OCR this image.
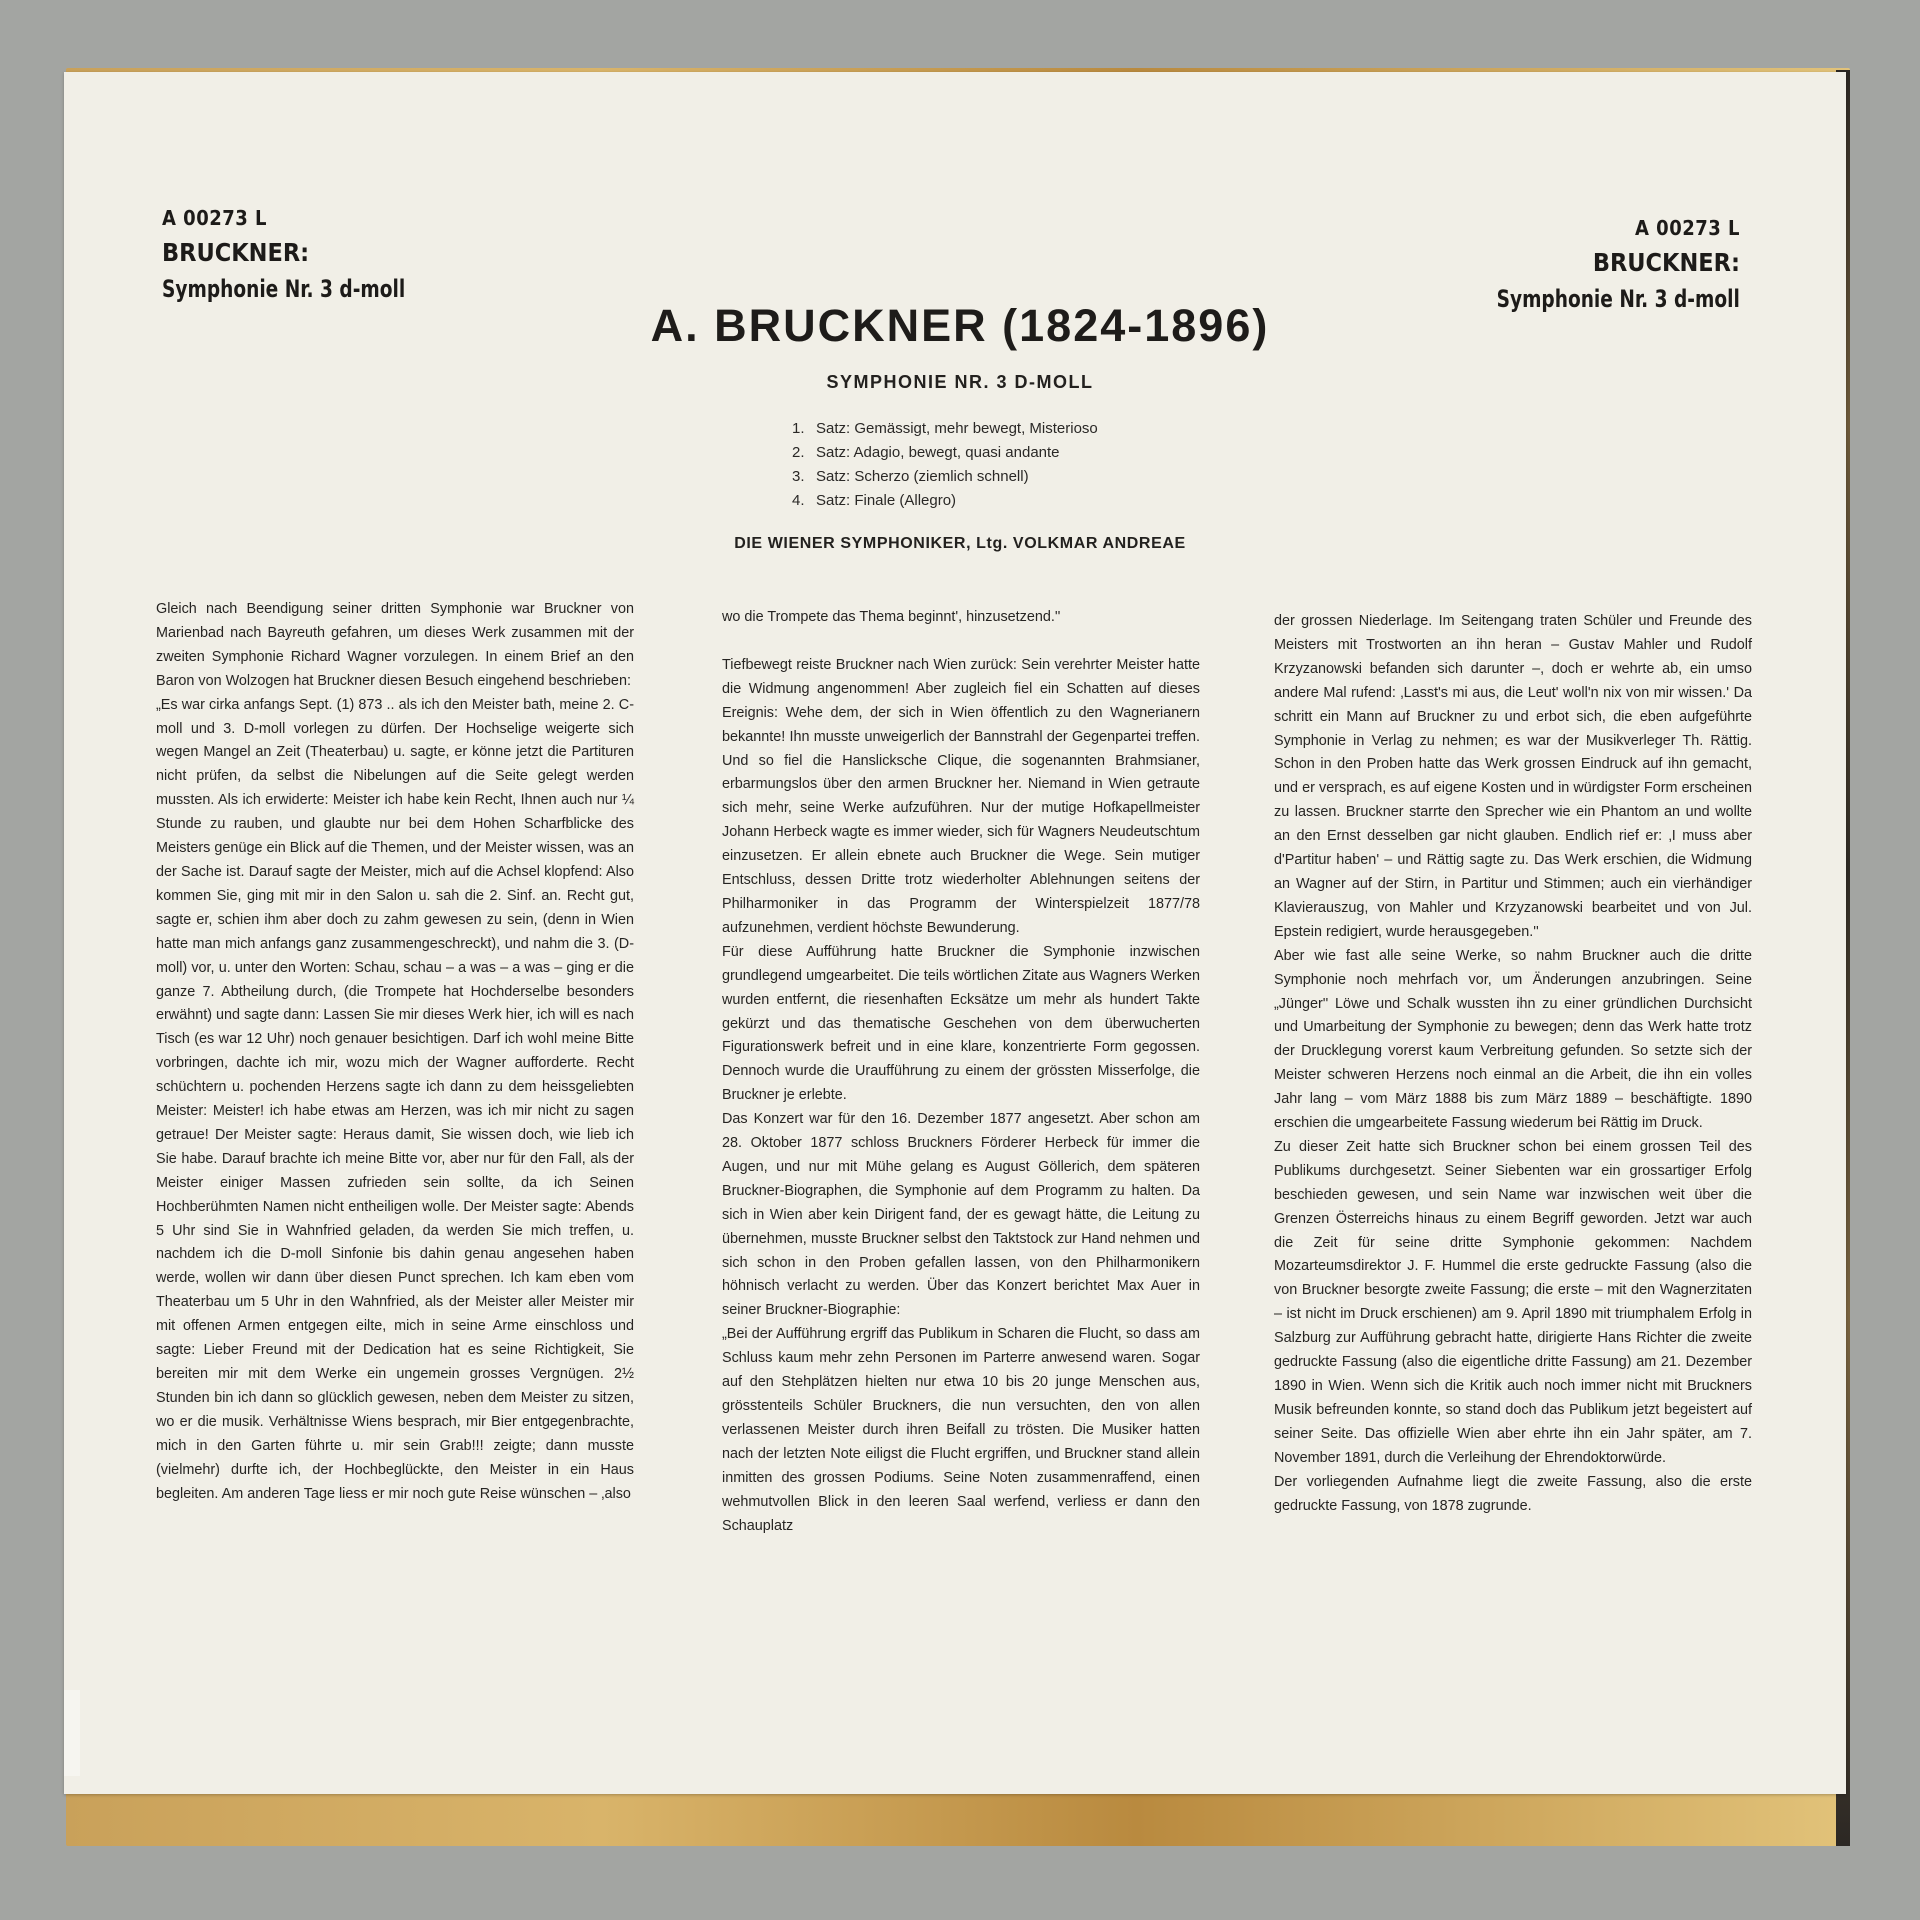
A 00273 L
BRUCKNER:
Symphonie Nr. 3 d-moll
A 00273 L
BRUCKNER:
Symphonie Nr. 3 d-moll
A. BRUCKNER (1824-1896)
SYMPHONIE NR. 3 D-MOLL
1. Satz: Gemässigt, mehr bewegt, Misterioso
2. Satz: Adagio, bewegt, quasi andante
3. Satz: Scherzo (ziemlich schnell)
4. Satz: Finale (Allegro)
DIE WIENER SYMPHONIKER, Ltg. VOLKMAR ANDREAE

Gleich nach Beendigung seiner dritten Symphonie war Bruckner von Marienbad nach Bayreuth gefahren, um dieses Werk zusammen mit der zweiten Symphonie Richard Wagner vorzulegen. In einem Brief an den Baron von Wolzogen hat Bruckner diesen Besuch eingehend beschrieben:

„Es war cirka anfangs Sept. (1) 873 .. als ich den Meister bath, meine 2. C-moll und 3. D-moll vorlegen zu dürfen. Der Hochselige weigerte sich wegen Mangel an Zeit (Theaterbau) u. sagte, er könne jetzt die Partituren nicht prüfen, da selbst die Nibelungen auf die Seite gelegt werden mussten. Als ich erwiderte: Meister ich habe kein Recht, Ihnen auch nur ¼ Stunde zu rauben, und glaubte nur bei dem Hohen Scharfblicke des Meisters genüge ein Blick auf die Themen, und der Meister wissen, was an der Sache ist. Darauf sagte der Meister, mich auf die Achsel klopfend: Also kommen Sie, ging mit mir in den Salon u. sah die 2. Sinf. an. Recht gut, sagte er, schien ihm aber doch zu zahm gewesen zu sein, (denn in Wien hatte man mich anfangs ganz zusammengeschreckt), und nahm die 3. (D-moll) vor, u. unter den Worten: Schau, schau – a was – a was – ging er die ganze 7. Abtheilung durch, (die Trompete hat Hochderselbe besonders erwähnt) und sagte dann: Lassen Sie mir dieses Werk hier, ich will es nach Tisch (es war 12 Uhr) noch genauer besichtigen. Darf ich wohl meine Bitte vorbringen, dachte ich mir, wozu mich der Wagner aufforderte. Recht schüchtern u. pochenden Herzens sagte ich dann zu dem heissgeliebten Meister: Meister! ich habe etwas am Herzen, was ich mir nicht zu sagen getraue! Der Meister sagte: Heraus damit, Sie wissen doch, wie lieb ich Sie habe. Darauf brachte ich meine Bitte vor, aber nur für den Fall, als der Meister einiger Massen zufrieden sein sollte, da ich Seinen Hochberühmten Namen nicht entheiligen wolle. Der Meister sagte: Abends 5 Uhr sind Sie in Wahnfried geladen, da werden Sie mich treffen, u. nachdem ich die D-moll Sinfonie bis dahin genau angesehen haben werde, wollen wir dann über diesen Punct sprechen. Ich kam eben vom Theaterbau um 5 Uhr in den Wahnfried, als der Meister aller Meister mir mit offenen Armen entgegen eilte, mich in seine Arme einschloss und sagte: Lieber Freund mit der Dedication hat es seine Richtigkeit, Sie bereiten mir mit dem Werke ein ungemein grosses Vergnügen. 2½ Stunden bin ich dann so glücklich gewesen, neben dem Meister zu sitzen, wo er die musik. Verhältnisse Wiens besprach, mir Bier entgegenbrachte, mich in den Garten führte u. mir sein Grab!!! zeigte; dann musste (vielmehr) durfte ich, der Hochbeglückte, den Meister in ein Haus begleiten. Am anderen Tage liess er mir noch gute Reise wünschen – ‚also

wo die Trompete das Thema beginnt', hinzusetzend.''

Tiefbewegt reiste Bruckner nach Wien zurück: Sein verehrter Meister hatte die Widmung angenommen! Aber zugleich fiel ein Schatten auf dieses Ereignis: Wehe dem, der sich in Wien öffentlich zu den Wagnerianern bekannte! Ihn musste unweigerlich der Bannstrahl der Gegenpartei treffen. Und so fiel die Hanslicksche Clique, die sogenannten Brahmsianer, erbarmungslos über den armen Bruckner her. Niemand in Wien getraute sich mehr, seine Werke aufzuführen. Nur der mutige Hofkapellmeister Johann Herbeck wagte es immer wieder, sich für Wagners Neudeutschtum einzusetzen. Er allein ebnete auch Bruckner die Wege. Sein mutiger Entschluss, dessen Dritte trotz wiederholter Ablehnungen seitens der Philharmoniker in das Programm der Winterspielzeit 1877/78 aufzunehmen, verdient höchste Bewunderung.

Für diese Aufführung hatte Bruckner die Symphonie inzwischen grundlegend umgearbeitet. Die teils wörtlichen Zitate aus Wagners Werken wurden entfernt, die riesenhaften Ecksätze um mehr als hundert Takte gekürzt und das thematische Geschehen von dem überwucherten Figurationswerk befreit und in eine klare, konzentrierte Form gegossen. Dennoch wurde die Uraufführung zu einem der grössten Misserfolge, die Bruckner je erlebte.

Das Konzert war für den 16. Dezember 1877 angesetzt. Aber schon am 28. Oktober 1877 schloss Bruckners Förderer Herbeck für immer die Augen, und nur mit Mühe gelang es August Göllerich, dem späteren Bruckner-Biographen, die Symphonie auf dem Programm zu halten. Da sich in Wien aber kein Dirigent fand, der es gewagt hätte, die Leitung zu übernehmen, musste Bruckner selbst den Taktstock zur Hand nehmen und sich schon in den Proben gefallen lassen, von den Philharmonikern höhnisch verlacht zu werden. Über das Konzert berichtet Max Auer in seiner Bruckner-Biographie:

„Bei der Aufführung ergriff das Publikum in Scharen die Flucht, so dass am Schluss kaum mehr zehn Personen im Parterre anwesend waren. Sogar auf den Stehplätzen hielten nur etwa 10 bis 20 junge Menschen aus, grösstenteils Schüler Bruckners, die nun versuchten, den von allen verlassenen Meister durch ihren Beifall zu trösten. Die Musiker hatten nach der letzten Note eiligst die Flucht ergriffen, und Bruckner stand allein inmitten des grossen Podiums. Seine Noten zusammenraffend, einen wehmutvollen Blick in den leeren Saal werfend, verliess er dann den Schauplatz

der grossen Niederlage. Im Seitengang traten Schüler und Freunde des Meisters mit Trostworten an ihn heran – Gustav Mahler und Rudolf Krzyzanowski befanden sich darunter –, doch er wehrte ab, ein umso andere Mal rufend: ‚Lasst's mi aus, die Leut' woll'n nix von mir wissen.' Da schritt ein Mann auf Bruckner zu und erbot sich, die eben aufgeführte Symphonie in Verlag zu nehmen; es war der Musikverleger Th. Rättig. Schon in den Proben hatte das Werk grossen Eindruck auf ihn gemacht, und er versprach, es auf eigene Kosten und in würdigster Form erscheinen zu lassen. Bruckner starrte den Sprecher wie ein Phantom an und wollte an den Ernst desselben gar nicht glauben. Endlich rief er: ‚I muss aber d'Partitur haben' – und Rättig sagte zu. Das Werk erschien, die Widmung an Wagner auf der Stirn, in Partitur und Stimmen; auch ein vierhändiger Klavierauszug, von Mahler und Krzyzanowski bearbeitet und von Jul. Epstein redigiert, wurde herausgegeben.''

Aber wie fast alle seine Werke, so nahm Bruckner auch die dritte Symphonie noch mehrfach vor, um Änderungen anzubringen. Seine „Jünger'' Löwe und Schalk wussten ihn zu einer gründlichen Durchsicht und Umarbeitung der Symphonie zu bewegen; denn das Werk hatte trotz der Drucklegung vorerst kaum Verbreitung gefunden. So setzte sich der Meister schweren Herzens noch einmal an die Arbeit, die ihn ein volles Jahr lang – vom März 1888 bis zum März 1889 – beschäftigte. 1890 erschien die umgearbeitete Fassung wiederum bei Rättig im Druck.

Zu dieser Zeit hatte sich Bruckner schon bei einem grossen Teil des Publikums durchgesetzt. Seiner Siebenten war ein grossartiger Erfolg beschieden gewesen, und sein Name war inzwischen weit über die Grenzen Österreichs hinaus zu einem Begriff geworden. Jetzt war auch die Zeit für seine dritte Symphonie gekommen: Nachdem Mozarteumsdirektor J. F. Hummel die erste gedruckte Fassung (also die von Bruckner besorgte zweite Fassung; die erste – mit den Wagnerzitaten – ist nicht im Druck erschienen) am 9. April 1890 mit triumphalem Erfolg in Salzburg zur Aufführung gebracht hatte, dirigierte Hans Richter die zweite gedruckte Fassung (also die eigentliche dritte Fassung) am 21. Dezember 1890 in Wien. Wenn sich die Kritik auch noch immer nicht mit Bruckners Musik befreunden konnte, so stand doch das Publikum jetzt begeistert auf seiner Seite. Das offizielle Wien aber ehrte ihn ein Jahr später, am 7. November 1891, durch die Verleihung der Ehrendoktorwürde.

Der vorliegenden Aufnahme liegt die zweite Fassung, also die erste gedruckte Fassung, von 1878 zugrunde.
